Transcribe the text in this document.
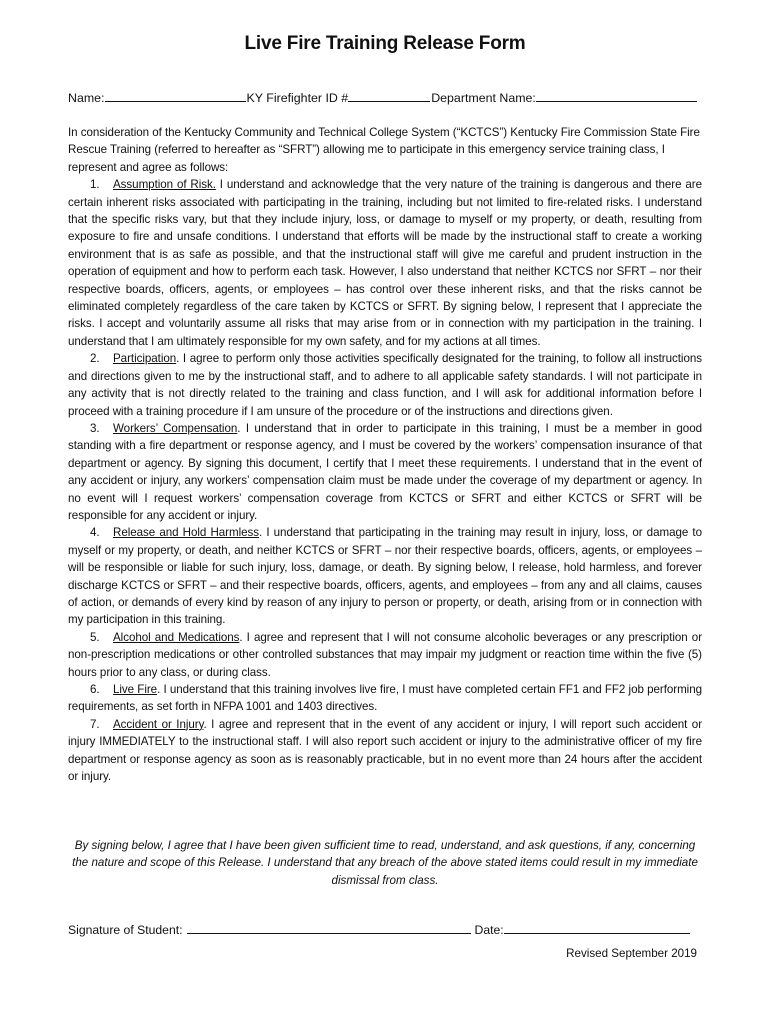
Live Fire Training Release Form
Name:	KY Firefighter ID #	Department Name:

In consideration of the Kentucky Community and Technical College System (“KCTCS”) Kentucky Fire Commission State Fire Rescue Training (referred to hereafter as “SFRT”) allowing me to participate in this emergency service training class, I represent and agree as follows:

1. Assumption of Risk. I understand and acknowledge that the very nature of the training is dangerous and there are certain inherent risks associated with participating in the training, including but not limited to fire-related risks. I understand that the specific risks vary, but that they include injury, loss, or damage to myself or my property, or death, resulting from exposure to fire and unsafe conditions. I understand that efforts will be made by the instructional staff to create a working environment that is as safe as possible, and that the instructional staff will give me careful and prudent instruction in the operation of equipment and how to perform each task. However, I also understand that neither KCTCS nor SFRT – nor their respective boards, officers, agents, or employees – has control over these inherent risks, and that the risks cannot be eliminated completely regardless of the care taken by KCTCS or SFRT. By signing below, I represent that I appreciate the risks. I accept and voluntarily assume all risks that may arise from or in connection with my participation in the training. I understand that I am ultimately responsible for my own safety, and for my actions at all times.

2. Participation. I agree to perform only those activities specifically designated for the training, to follow all instructions and directions given to me by the instructional staff, and to adhere to all applicable safety standards. I will not participate in any activity that is not directly related to the training and class function, and I will ask for additional information before I proceed with a training procedure if I am unsure of the procedure or of the instructions and directions given.

3. Workers’ Compensation. I understand that in order to participate in this training, I must be a member in good standing with a fire department or response agency, and I must be covered by the workers’ compensation insurance of that department or agency. By signing this document, I certify that I meet these requirements. I understand that in the event of any accident or injury, any workers’ compensation claim must be made under the coverage of my department or agency. In no event will I request workers’ compensation coverage from KCTCS or SFRT and either KCTCS or SFRT will be responsible for any accident or injury.

4. Release and Hold Harmless. I understand that participating in the training may result in injury, loss, or damage to myself or my property, or death, and neither KCTCS or SFRT – nor their respective boards, officers, agents, or employees – will be responsible or liable for such injury, loss, damage, or death. By signing below, I release, hold harmless, and forever discharge KCTCS or SFRT – and their respective boards, officers, agents, and employees – from any and all claims, causes of action, or demands of every kind by reason of any injury to person or property, or death, arising from or in connection with my participation in this training.

5. Alcohol and Medications. I agree and represent that I will not consume alcoholic beverages or any prescription or non-prescription medications or other controlled substances that may impair my judgment or reaction time within the five (5) hours prior to any class, or during class.

6. Live Fire. I understand that this training involves live fire, I must have completed certain FF1 and FF2 job performing requirements, as set forth in NFPA 1001 and 1403 directives.

7. Accident or Injury. I agree and represent that in the event of any accident or injury, I will report such accident or injury IMMEDIATELY to the instructional staff. I will also report such accident or injury to the administrative officer of my fire department or response agency as soon as is reasonably practicable, but in no event more than 24 hours after the accident or injury.

By signing below, I agree that I have been given sufficient time to read, understand, and ask questions, if any, concerning the nature and scope of this Release. I understand that any breach of the above stated items could result in my immediate dismissal from class.
Signature of Student:	Date:
Revised September 2019
